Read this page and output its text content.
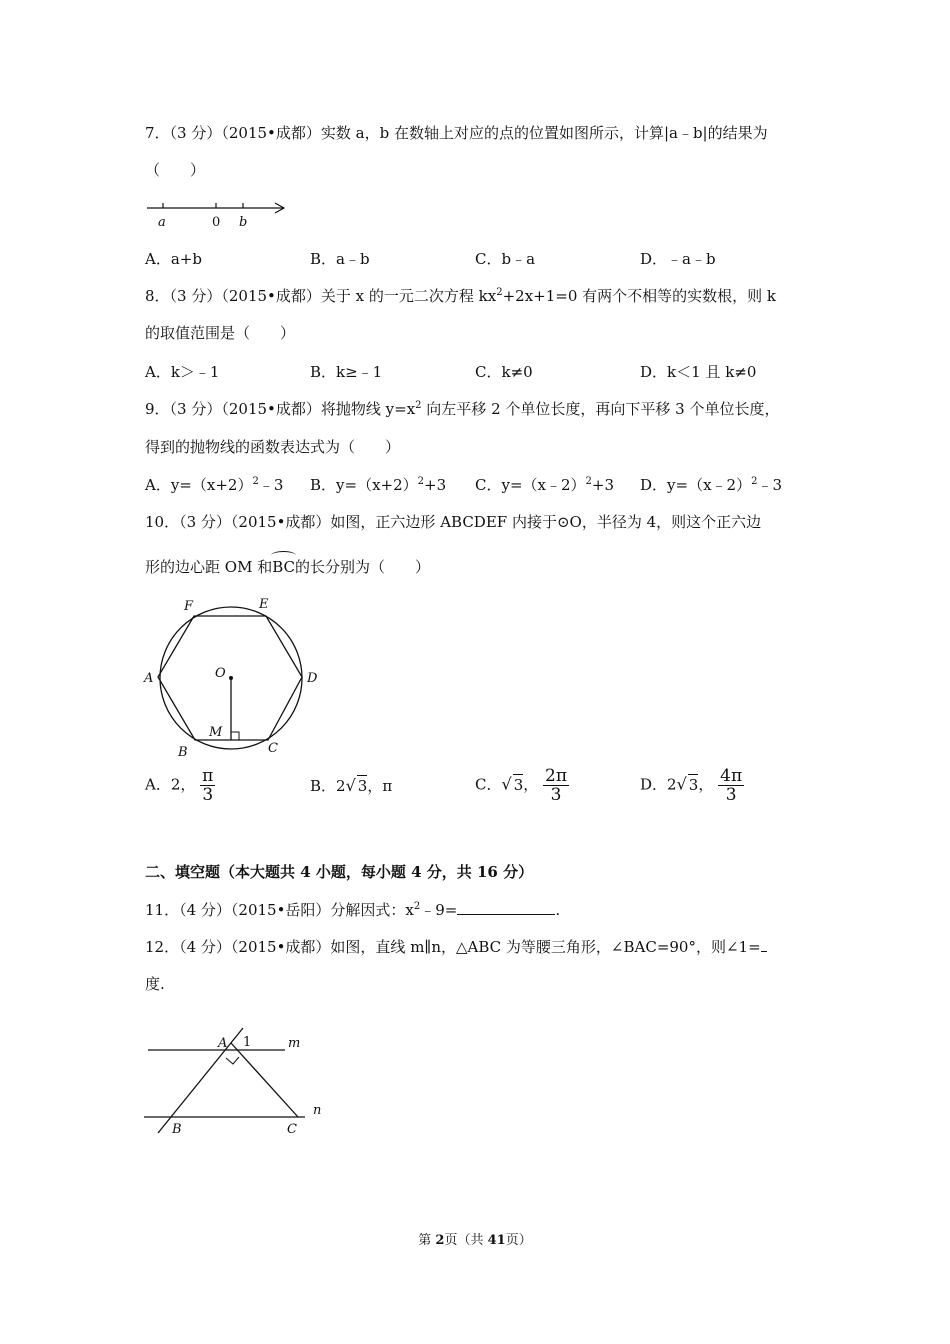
7．（3 分）（2015•成都）实数 a，b 在数轴上对应的点的位置如图所示，计算|a﹣b|的结果为
（　　）
a	0 b
A．a+b	B．a﹣b	C．b﹣a	D．﹣a﹣b
8．（3 分）（2015•成都）关于 x 的一元二次方程 $kx^2+2x+1=0$ 有两个不相等的实数根，则 k
的取值范围是（　　）
A．k＞﹣1	B．k≥﹣1	C．k≠0	D．k＜1 且 k≠0
9．（3 分）（2015•成都）将抛物线 $y=x^2$ 向左平移 2 个单位长度，再向下平移 3 个单位长度，
得到的抛物线的函数表达式为（　　）
A．$y=(x+2)^2﹣3$ B．$y=(x+2)^2+3$ C．y=（x﹣2）$^2$+3 D．y=（x﹣2）$^2$﹣3
10．（3 分）（2015•成都）如图，正六边形 ABCDEF 内接于⊙O，半径为 4，则这个正六边
形的边心距 OM 和BC的长分别为（　　）
F	E
A	D
O
M
B	C
A．2， $\frac{\pi}{3}$	B．2√ 3，π	C．√ 3， $\frac{2\pi}{3}$	D．2√ 3， $\frac{4\pi}{3}$
二、填空题（本大题共 4 小题，每小题 4 分，共 16 分）
11．（4 分）（2015•岳阳）分解因式：$x^2﹣9=$	.
12．（4 分）（2015•成都）如图，直线 m∥n，△ABC 为等腰三角形，∠BAC=90°，则∠1=
度.
A 1	m
n
B	C
第 2页（共 41页）
